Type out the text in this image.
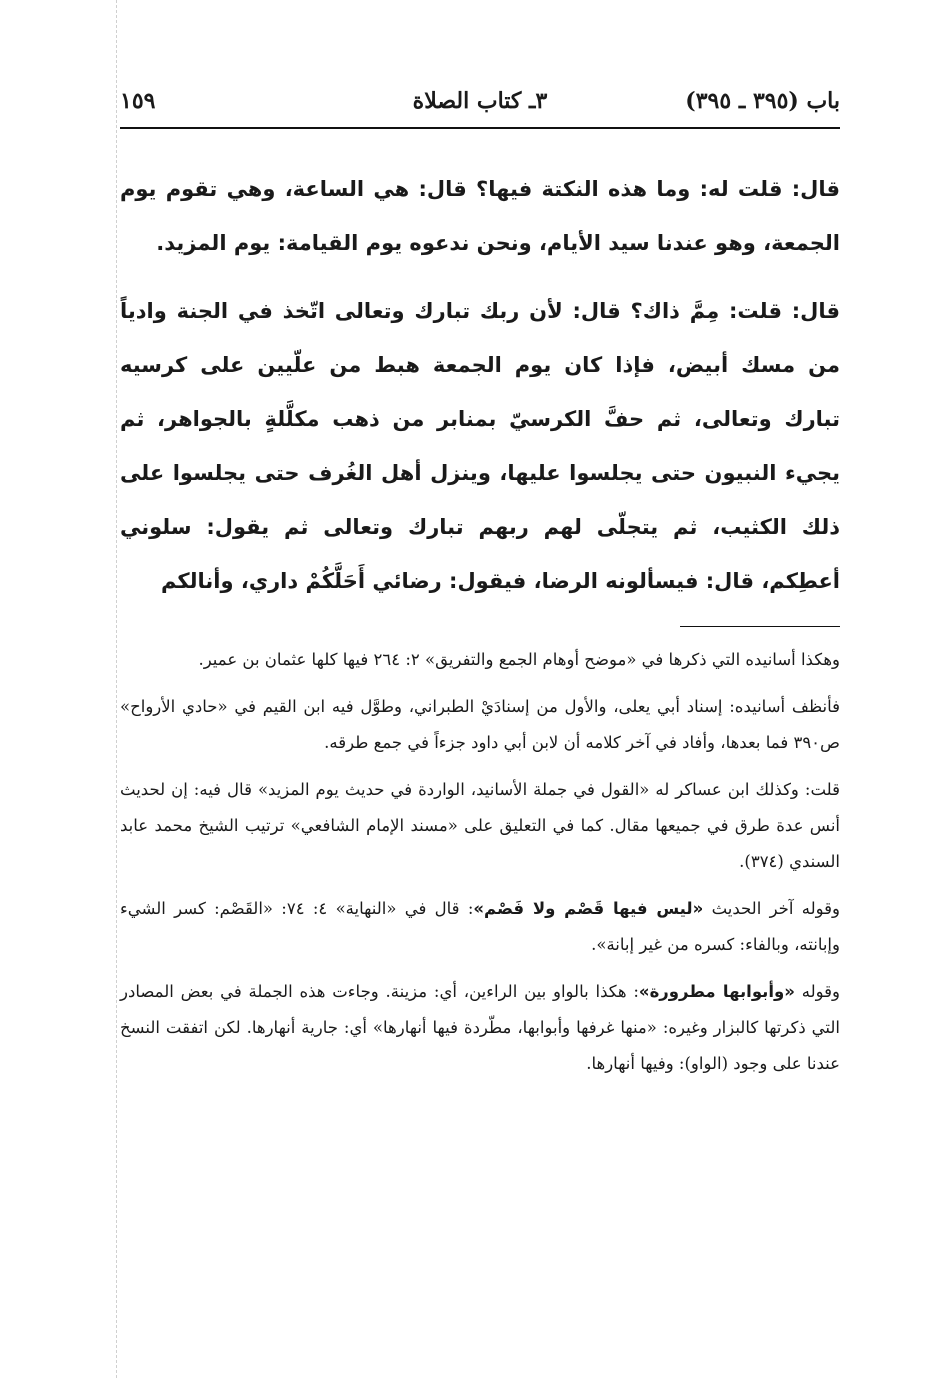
باب (٣٩٥ ـ ٣٩٥)
٣ـ كتاب الصلاة
١٥٩

قال: قلت له: وما هذه النكتة فيها؟ قال: هي الساعة، وهي تقوم يوم الجمعة، وهو عندنا سيد الأيام، ونحن ندعوه يوم القيامة: يوم المزيد.

قال: قلت: مِمَّ ذاك؟ قال: لأن ربك تبارك وتعالى اتّخذ في الجنة وادياً من مسك أبيض، فإذا كان يوم الجمعة هبط من علّيين على كرسيه تبارك وتعالى، ثم حفَّ الكرسيّ بمنابر من ذهب مكلَّلةٍ بالجواهر، ثم يجيء النبيون حتى يجلسوا عليها، وينزل أهل الغُرف حتى يجلسوا على ذلك الكثيب، ثم يتجلّى لهم ربهم تبارك وتعالى ثم يقول: سلوني أعطِكم، قال: فيسألونه الرضا، فيقول: رضائي أَحَلَّكُمْ داري، وأنالكم

وهكذا أسانيده التي ذكرها في «موضح أوهام الجمع والتفريق» ٢: ٢٦٤ فيها كلها عثمان بن عمير.

فأنظف أسانيده: إسناد أبي يعلى، والأول من إسنادَيْ الطبراني، وطوَّل فيه ابن القيم في «حادي الأرواح» ص٣٩٠ فما بعدها، وأفاد في آخر كلامه أن لابن أبي داود جزءاً في جمع طرقه.

قلت: وكذلك ابن عساكر له «القول في جملة الأسانيد، الواردة في حديث يوم المزيد» قال فيه: إن لحديث أنس عدة طرق في جميعها مقال. كما في التعليق على «مسند الإمام الشافعي» ترتيب الشيخ محمد عابد السندي (٣٧٤).

وقوله آخر الحديث «ليس فيها قَصْم ولا فَصْم»: قال في «النهاية» ٤: ٧٤: «القَصْم: كسر الشيء وإبانته، وبالفاء: كسره من غير إبانة».

وقوله «وأبوابها مطرورة»: هكذا بالواو بين الراءين، أي: مزينة. وجاءت هذه الجملة في بعض المصادر التي ذكرتها كالبزار وغيره: «منها غرفها وأبوابها، مطّردة فيها أنهارها» أي: جارية أنهارها. لكن اتفقت النسخ عندنا على وجود (الواو): وفيها أنهارها.
